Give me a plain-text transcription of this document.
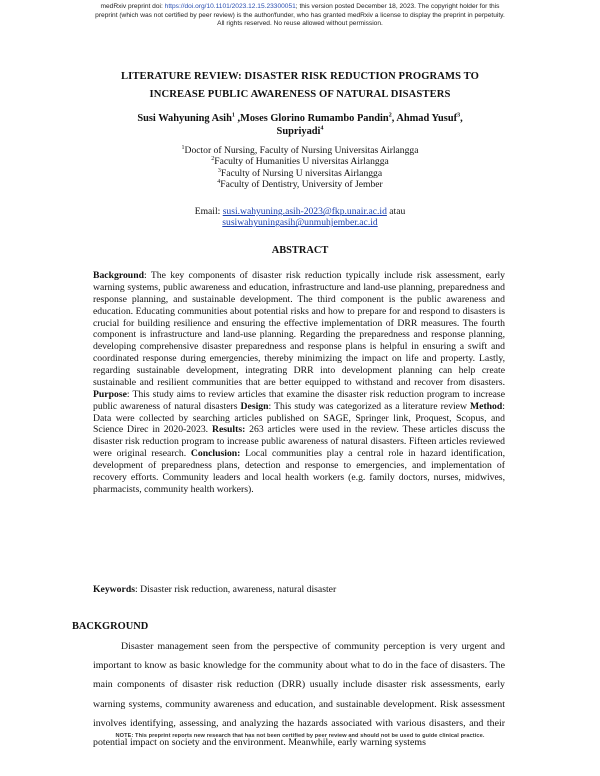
medRxiv preprint doi: https://doi.org/10.1101/2023.12.15.23300051; this version posted December 18, 2023. The copyright holder for this
preprint (which was not certified by peer review) is the author/funder, who has granted medRxiv a license to display the preprint in perpetuity.
All rights reserved. No reuse allowed without permission.
LITERATURE REVIEW: DISASTER RISK REDUCTION PROGRAMS TO
INCREASE PUBLIC AWARENESS OF NATURAL DISASTERS
Susi Wahyuning Asih$^1$ ,Moses Glorino Rumambo Pandin$^2$, Ahmad Yusuf$^3$,
Supriyadi$^4$
$^1$Doctor of Nursing, Faculty of Nursing Universitas Airlangga
$^2$Faculty of Humanities U niversitas Airlangga
$^3$Faculty of Nursing U niversitas Airlangga
$^4$Faculty of Dentistry, University of Jember
Email: susi.wahyuning.asih-2023@fkp.unair.ac.id atau
susiwahyuningasih@unmuhjember.ac.id
ABSTRACT
Background: The key components of disaster risk reduction typically include risk assessment, early warning systems, public awareness and education, infrastructure and land-use planning, preparedness and response planning, and sustainable development. The third component is the public awareness and education. Educating communities about potential risks and how to prepare for and respond to disasters is crucial for building resilience and ensuring the effective implementation of DRR measures. The fourth component is infrastructure and land-use planning. Regarding the preparedness and response planning, developing comprehensive disaster preparedness and response plans is helpful in ensuring a swift and coordinated response during emergencies, thereby minimizing the impact on life and property. Lastly, regarding sustainable development, integrating DRR into development planning can help create sustainable and resilient communities that are better equipped to withstand and recover from disasters. Purpose: This study aims to review articles that examine the disaster risk reduction program to increase public awareness of natural disasters Design: This study was categorized as a literature review Method: Data were collected by searching articles published on SAGE, Springer link, Proquest, Scopus, and Science Direc in 2020-2023. Results: 263 articles were used in the review. These articles discuss the disaster risk reduction program to increase public awareness of natural disasters. Fifteen articles reviewed were original research. Conclusion: Local communities play a central role in hazard identification, development of preparedness plans, detection and response to emergencies, and implementation of recovery efforts. Community leaders and local health workers (e.g. family doctors, nurses, midwives, pharmacists, community health workers).
Keywords: Disaster risk reduction, awareness, natural disaster
BACKGROUND
Disaster management seen from the perspective of community perception is very urgent and important to know as basic knowledge for the community about what to do in the face of disasters. The main components of disaster risk reduction (DRR) usually include disaster risk assessments, early warning systems, community awareness and education, and sustainable development. Risk assessment involves identifying, assessing, and analyzing the hazards associated with various disasters, and their potential impact on society and the environment. Meanwhile, early warning systems
NOTE: This preprint reports new research that has not been certified by peer review and should not be used to guide clinical practice.
